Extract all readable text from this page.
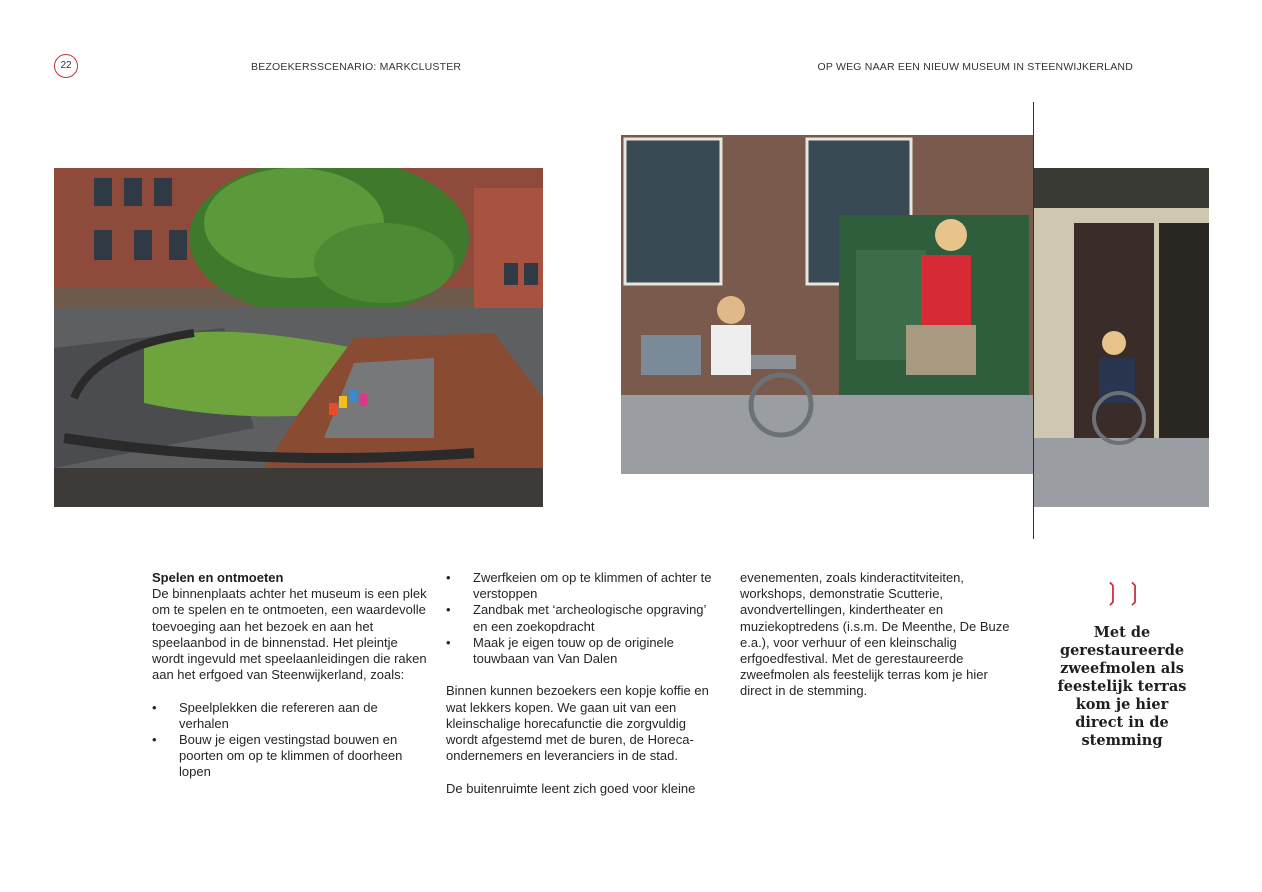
22	BEZOEKERSSCENARIO: MARKCLUSTER	OP WEG NAAR EEN NIEUW MUSEUM IN STEENWIJKERLAND

Spelen en ontmoeten

De binnenplaats achter het museum is een plek om te spelen en te ontmoeten, een waardevolle toevoeging aan het bezoek en aan het speelaanbod in de binnenstad. Het pleintje wordt ingevuld met speelaanleidingen die raken aan het erfgoed van Steenwijkerland, zoals:

• Speelplekken die refereren aan de verhalen
• Bouw je eigen vestingstad bouwen en poorten om op te klimmen of doorheen lopen
• Zwerfkeien om op te klimmen of achter te verstoppen
• Zandbak met ‘archeologische opgraving’ en een zoekopdracht
• Maak je eigen touw op de originele touwbaan van Van Dalen

Binnen kunnen bezoekers een kopje koffie en wat lekkers kopen. We gaan uit van een kleinschalige horecafunctie die zorgvuldig wordt afgestemd met de buren, de Horeca-ondernemers en leveranciers in de stad.

De buitenruimte leent zich goed voor kleine

evenementen, zoals kinderactitviteiten, workshops, demonstratie Scutterie, avondvertellingen, kindertheater en muziekoptredens (i.s.m. De Meenthe, De Buze e.a.), voor verhuur of een kleinschalig erfgoedfestival. Met de gerestaureerde zweefmolen als feestelijk terras kom je hier direct in de stemming.

❳❳
Met de gerestaureerde zweefmolen als feestelijk terras kom je hier direct in de stemming
